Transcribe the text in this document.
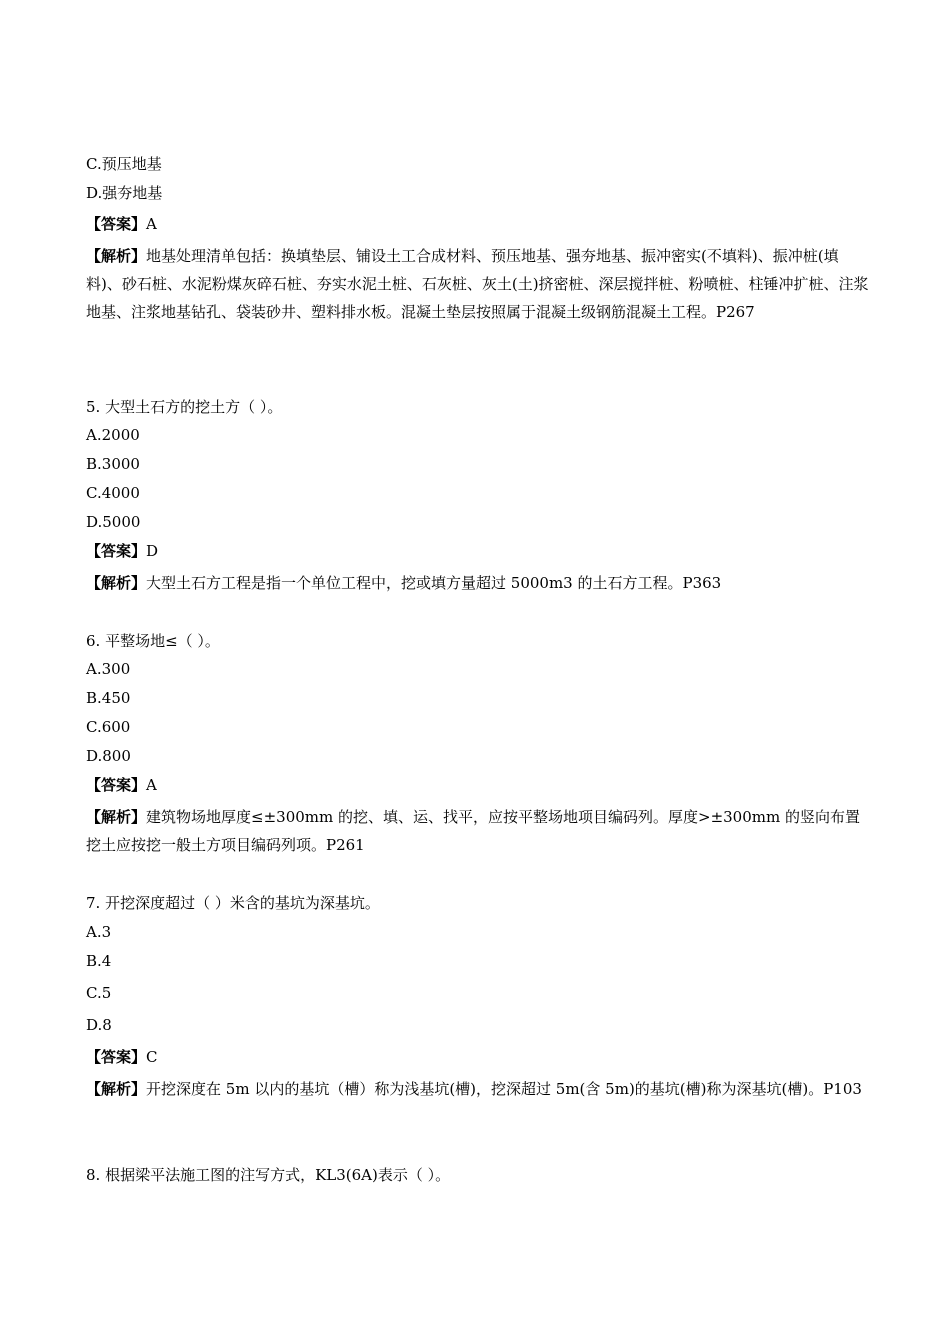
C.预压地基
D.强夯地基
【答案】A
【解析】地基处理清单包括：换填垫层、铺设土工合成材料、预压地基、强夯地基、振冲密实(不填料)、振冲桩(填料)、砂石桩、水泥粉煤灰碎石桩、夯实水泥土桩、石灰桩、灰土(土)挤密桩、深层搅拌桩、粉喷桩、柱锤冲扩桩、注浆地基、注浆地基钻孔、袋装砂井、塑料排水板。混凝土垫层按照属于混凝土级钢筋混凝土工程。P267
5. 大型土石方的挖土方（ ）。
A.2000
B.3000
C.4000
D.5000
【答案】D
【解析】大型土石方工程是指一个单位工程中，挖或填方量超过 5000m3 的土石方工程。P363
6. 平整场地≤（ ）。
A.300
B.450
C.600
D.800
【答案】A
【解析】建筑物场地厚度≤±300mm 的挖、填、运、找平，应按平整场地项目编码列。厚度>±300mm 的竖向布置挖土应按挖一般土方项目编码列项。P261
7. 开挖深度超过（ ）米含的基坑为深基坑。
A.3
B.4
C.5
D.8
【答案】C
【解析】开挖深度在 5m 以内的基坑（槽）称为浅基坑(槽)，挖深超过 5m(含 5m)的基坑(槽)称为深基坑(槽)。P103
8. 根据梁平法施工图的注写方式，KL3(6A)表示（ ）。
